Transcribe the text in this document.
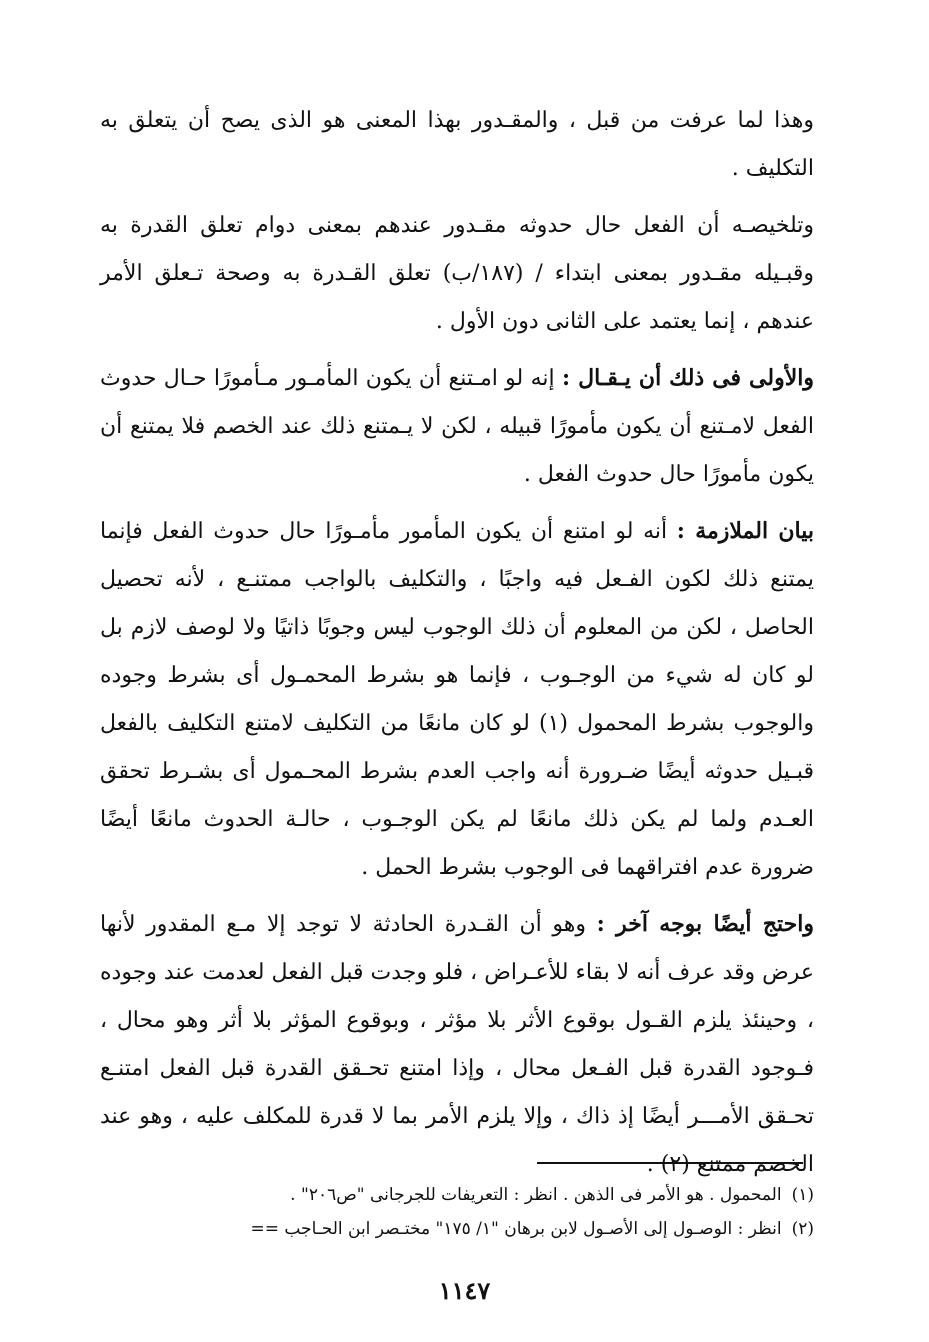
وهذا لما عرفت من قبل ، والمقـدور بهذا المعنى هو الذى يصح أن يتعلق به التكليف .

وتلخيصـه أن الفعل حال حدوثه مقـدور عندهم بمعنى دوام تعلق القدرة به وقبـيله مقـدور بمعنى ابتداء / (١٨٧/ب) تعلق القـدرة به وصحة تـعلق الأمر عندهم ، إنما يعتمد على الثانى دون الأول .

والأولى فى ذلك أن يـقـال : إنه لو امـتنع أن يكون المأمـور مـأمورًا حـال حدوث الفعل لامـتنع أن يكون مأمورًا قبيله ، لكن لا يـمتنع ذلك عند الخصم فلا يمتنع أن يكون مأمورًا حال حدوث الفعل .

بيان الملازمة : أنه لو امتنع أن يكون المأمور مأمـورًا حال حدوث الفعل فإنما يمتنع ذلك لكون الفـعل فيه واجبًا ، والتكليف بالواجب ممتنـع ، لأنه تحصيل الحاصل ، لكن من المعلوم أن ذلك الوجوب ليس وجوبًا ذاتيًا ولا لوصف لازم بل لو كان له شيء من الوجـوب ، فإنما هو بشرط المحمـول أى بشرط وجوده والوجوب بشرط المحمول (١) لو كان مانعًا من التكليف لامتنع التكليف بالفعل قبـيل حدوثه أيضًا ضـرورة أنه واجب العدم بشرط المحـمول أى بشـرط تحقق العـدم ولما لم يكن ذلك مانعًا لم يكن الوجـوب ، حالـة الحدوث مانعًا أيضًا ضرورة عدم افتراقهما فى الوجوب بشرط الحمل .

واحتج أيضًا بوجه آخر : وهو أن القـدرة الحادثة لا توجد إلا مـع المقدور لأنها عرض وقد عرف أنه لا بقاء للأعـراض ، فلو وجدت قبل الفعل لعدمت عند وجوده ، وحينئذ يلزم القـول بوقوع الأثر بلا مؤثر ، وبوقوع المؤثر بلا أثر وهو محال ، فـوجود القدرة قبل الفـعل محال ، وإذا امتنع تحـقق القدرة قبل الفعل امتنـع تحـقق الأمـــر أيضًا إذ ذاك ، وإلا يلزم الأمر بما لا قدرة للمكلف عليه ، وهو عند الخصم ممتنع (٢) .

(١)المحمول . هو الأمر فى الذهن . انظر : التعريفات للجرجانى "ص٢٠٦" .

(٢)انظر : الوصـول إلى الأصـول لابن برهان "١/ ١٧٥" مختـصر ابن الحـاجب ==

١١٤٧
